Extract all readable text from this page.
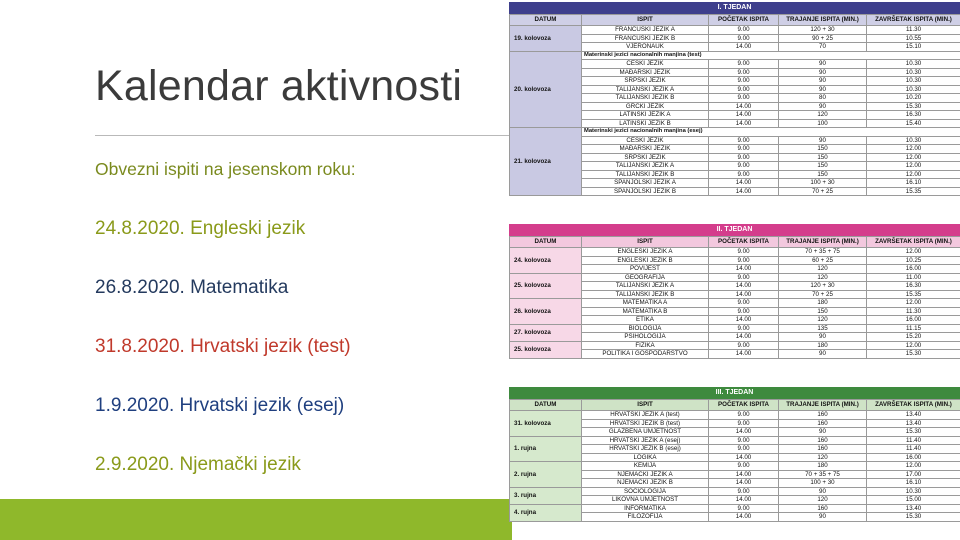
Kalendar aktivnosti
Obvezni ispiti na jesenskom roku:
24.8.2020. Engleski jezik
26.8.2020. Matematika
31.8.2020. Hrvatski jezik (test)
1.9.2020. Hrvatski jezik (esej)
2.9.2020. Njemački jezik
I. TJEDAN
DATUM	ISPIT	POČETAK ISPITA	TRAJANJE ISPITA (MIN.)	ZAVRŠETAK ISPITA (MIN.)
19. kolovoza	FRANCUSKI JEZIK A	9.00	120 + 30	11.30
	FRANCUSKI JEZIK B	9.00	90 + 25	10.55
	VJERONAUK	14.00	70	15.10
20. kolovoza	Materinski jezici nacionalnih manjina (test)			
	ČEŠKI JEZIK	9.00	90	10.30
	MAĐARSKI JEZIK	9.00	90	10.30
	SRPSKI JEZIK	9.00	90	10.30
	TALIJANSKI JEZIK A	9.00	90	10.30
	TALIJANSKI JEZIK B	9.00	80	10.20
	GRČKI JEZIK	14.00	90	15.30
	LATINSKI JEZIK A	14.00	120	16.30
	LATINSKI JEZIK B	14.00	100	15.40
21. kolovoza	Materinski jezici nacionalnih manjina (esej)			
	ČEŠKI JEZIK	9.00	90	10.30
	MAĐARSKI JEZIK	9.00	150	12.00
	SRPSKI JEZIK	9.00	150	12.00
	TALIJANSKI JEZIK A	9.00	150	12.00
	TALIJANSKI JEZIK B	9.00	150	12.00
	ŠPANJOLSKI JEZIK A	14.00	100 + 30	16.10
	ŠPANJOLSKI JEZIK B	14.00	70 + 25	15.35
II. TJEDAN
DATUM	ISPIT	POČETAK ISPITA	TRAJANJE ISPITA (MIN.)	ZAVRŠETAK ISPITA (MIN.)
24. kolovoza	ENGLESKI JEZIK A	9.00	70 + 35 + 75	12.00
	ENGLESKI JEZIK B	9.00	60 + 25	10.25
	POVIJEST	14.00	120	16.00
25. kolovoza	GEOGRAFIJA	9.00	120	11.00
	TALIJANSKI JEZIK A	14.00	120 + 30	16.30
	TALIJANSKI JEZIK B	14.00	70 + 25	15.35
26. kolovoza	MATEMATIKA A	9.00	180	12.00
	MATEMATIKA B	9.00	150	11.30
	ETIKA	14.00	120	16.00
27. kolovoza	BIOLOGIJA	9.00	135	11.15
	PSIHOLOGIJA	14.00	90	15.20
25. kolovoza	FIZIKA	9.00	180	12.00
	POLITIKA I GOSPODARSTVO	14.00	90	15.30
III. TJEDAN
DATUM	ISPIT	POČETAK ISPITA	TRAJANJE ISPITA (MIN.)	ZAVRŠETAK ISPITA (MIN.)
31. kolovoza	HRVATSKI JEZIK A (test)	9.00	160	13.40
	HRVATSKI JEZIK B (test)	9.00	160	13.40
	GLAZBENA UMJETNOST	14.00	90	15.30
1. rujna	HRVATSKI JEZIK A (esej)	9.00	160	11.40
	HRVATSKI JEZIK B (esej)	9.00	160	11.40
	LOGIKA	14.00	120	16.00
2. rujna	KEMIJA	9.00	180	12.00
	NJEMAČKI JEZIK A	14.00	70 + 35 + 75	17.00
	NJEMAČKI JEZIK B	14.00	100 + 30	16.10
3. rujna	SOCIOLOGIJA	9.00	90	10.30
	LIKOVNA UMJETNOST	14.00	120	15.00
4. rujna	INFORMATIKA	9.00	160	13.40
	FILOZOFIJA	14.00	90	15.30
